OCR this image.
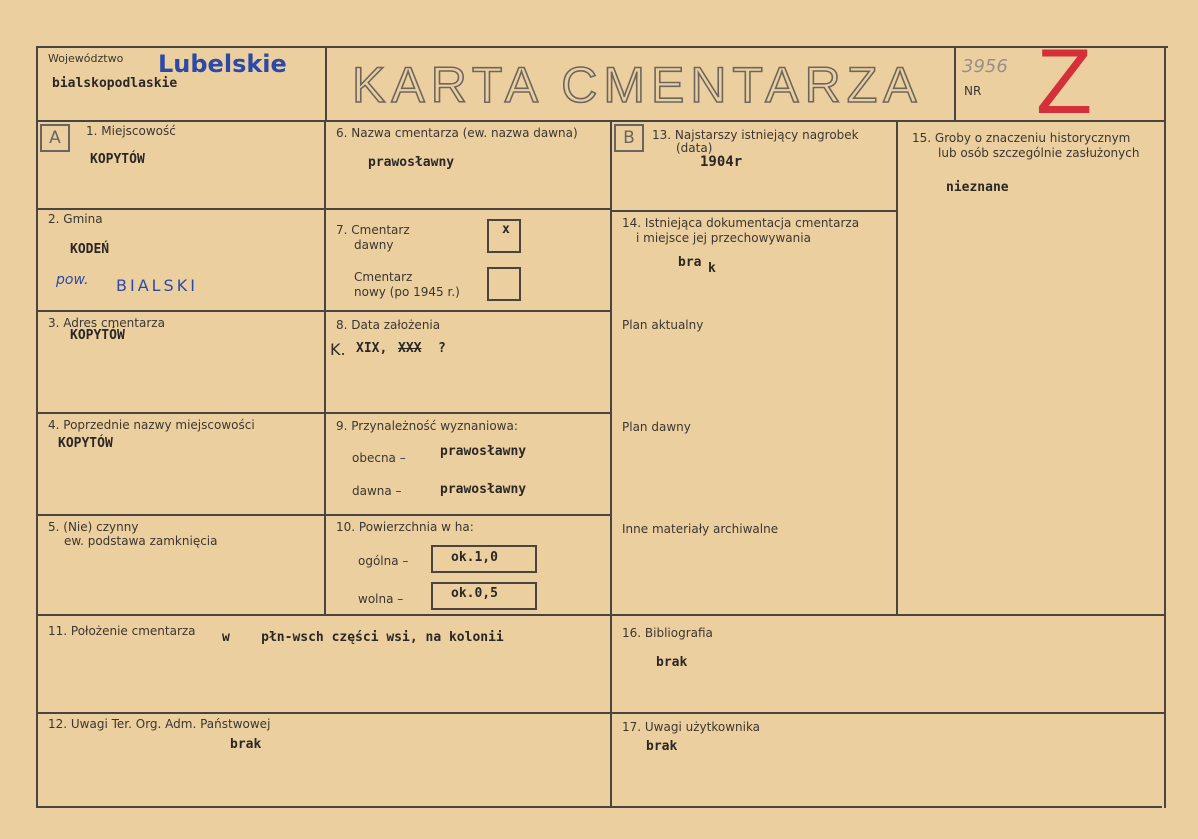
Województwo Lubelskie
bialskopodlaskie	KARTA CMENTARZA	NR
3956 Z
A	B
1. Miejscowość
KOPYTÓW
2. Gmina
KODEŃ
pow. BIALSKI
3. Adres cmentarza
KOPYTÓW
4. Poprzednie nazwy miejscowości
KOPYTÓW
5. (Nie) czynny
ew. podstawa zamknięcia
6. Nazwa cmentarza (ew. nazwa dawna)
prawosławny
7. Cmentarz
dawny
x
Cmentarz
nowy (po 1945 r.)
8. Data założenia
K. XIX, XXX ?
9. Przynależność wyznaniowa:
obecna –	prawosławny
dawna –	prawosławny
10. Powierzchnia w ha:
ogólna –	ok.1,0
wolna –	ok.0,5
13. Najstarszy istniejący nagrobek
(data)
1904r
14. Istniejąca dokumentacja cmentarza
i miejsce jej przechowywania
bra k
Plan aktualny
Plan dawny
Inne materiały archiwalne
15. Groby o znaczeniu historycznym
lub osób szczególnie zasłużonych
nieznane
11. Położenie cmentarza w    płn-wsch części wsi, na kolonii	16. Bibliografia
brak
12. Uwagi Ter. Org. Adm. Państwowej
brak
17. Uwagi użytkownika
brak
